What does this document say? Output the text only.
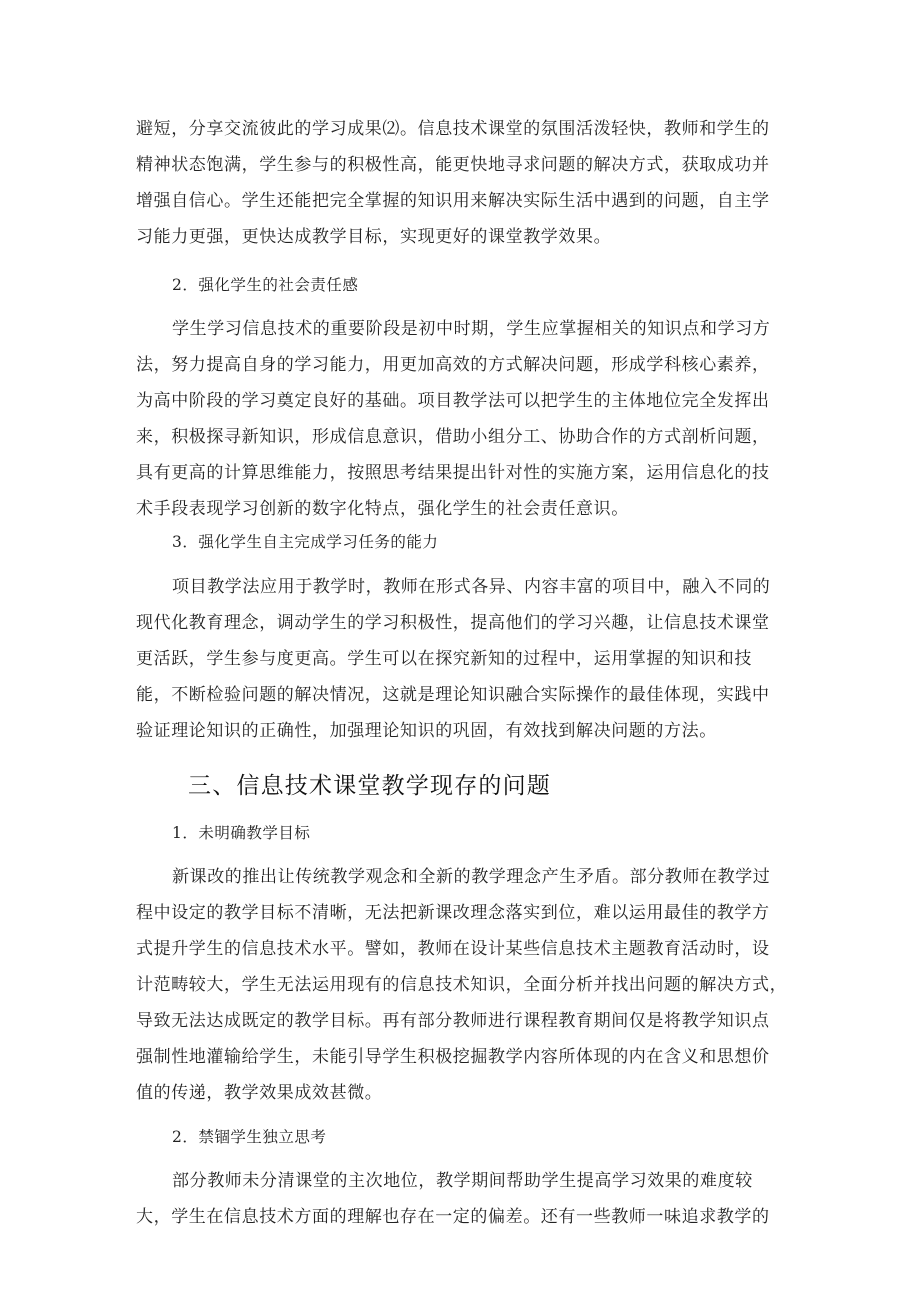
避短，分享交流彼此的学习成果⑵。信息技术课堂的氛围活泼轻快，教师和学生的
精神状态饱满，学生参与的积极性高，能更快地寻求问题的解决方式，获取成功并
增强自信心。学生还能把完全掌握的知识用来解决实际生活中遇到的问题，自主学
习能力更强，更快达成教学目标，实现更好的课堂教学效果。
2．强化学生的社会责任感
学生学习信息技术的重要阶段是初中时期，学生应掌握相关的知识点和学习方
法，努力提高自身的学习能力，用更加高效的方式解决问题，形成学科核心素养，
为高中阶段的学习奠定良好的基础。项目教学法可以把学生的主体地位完全发挥出
来，积极探寻新知识，形成信息意识，借助小组分工、协助合作的方式剖析问题，
具有更高的计算思维能力，按照思考结果提出针对性的实施方案，运用信息化的技
术手段表现学习创新的数字化特点，强化学生的社会责任意识。
3．强化学生自主完成学习任务的能力
项目教学法应用于教学时，教师在形式各异、内容丰富的项目中，融入不同的
现代化教育理念，调动学生的学习积极性，提高他们的学习兴趣，让信息技术课堂
更活跃，学生参与度更高。学生可以在探究新知的过程中，运用掌握的知识和技
能，不断检验问题的解决情况，这就是理论知识融合实际操作的最佳体现，实践中
验证理论知识的正确性，加强理论知识的巩固，有效找到解决问题的方法。
三、信息技术课堂教学现存的问题
1．未明确教学目标
新课改的推出让传统教学观念和全新的教学理念产生矛盾。部分教师在教学过
程中设定的教学目标不清晰，无法把新课改理念落实到位，难以运用最佳的教学方
式提升学生的信息技术水平。譬如，教师在设计某些信息技术主题教育活动时，设
计范畴较大，学生无法运用现有的信息技术知识，全面分析并找出问题的解决方式，
导致无法达成既定的教学目标。再有部分教师进行课程教育期间仅是将教学知识点
强制性地灌输给学生，未能引导学生积极挖掘教学内容所体现的内在含义和思想价
值的传递，教学效果成效甚微。
2．禁锢学生独立思考
部分教师未分清课堂的主次地位，教学期间帮助学生提高学习效果的难度较
大，学生在信息技术方面的理解也存在一定的偏差。还有一些教师一味追求教学的
